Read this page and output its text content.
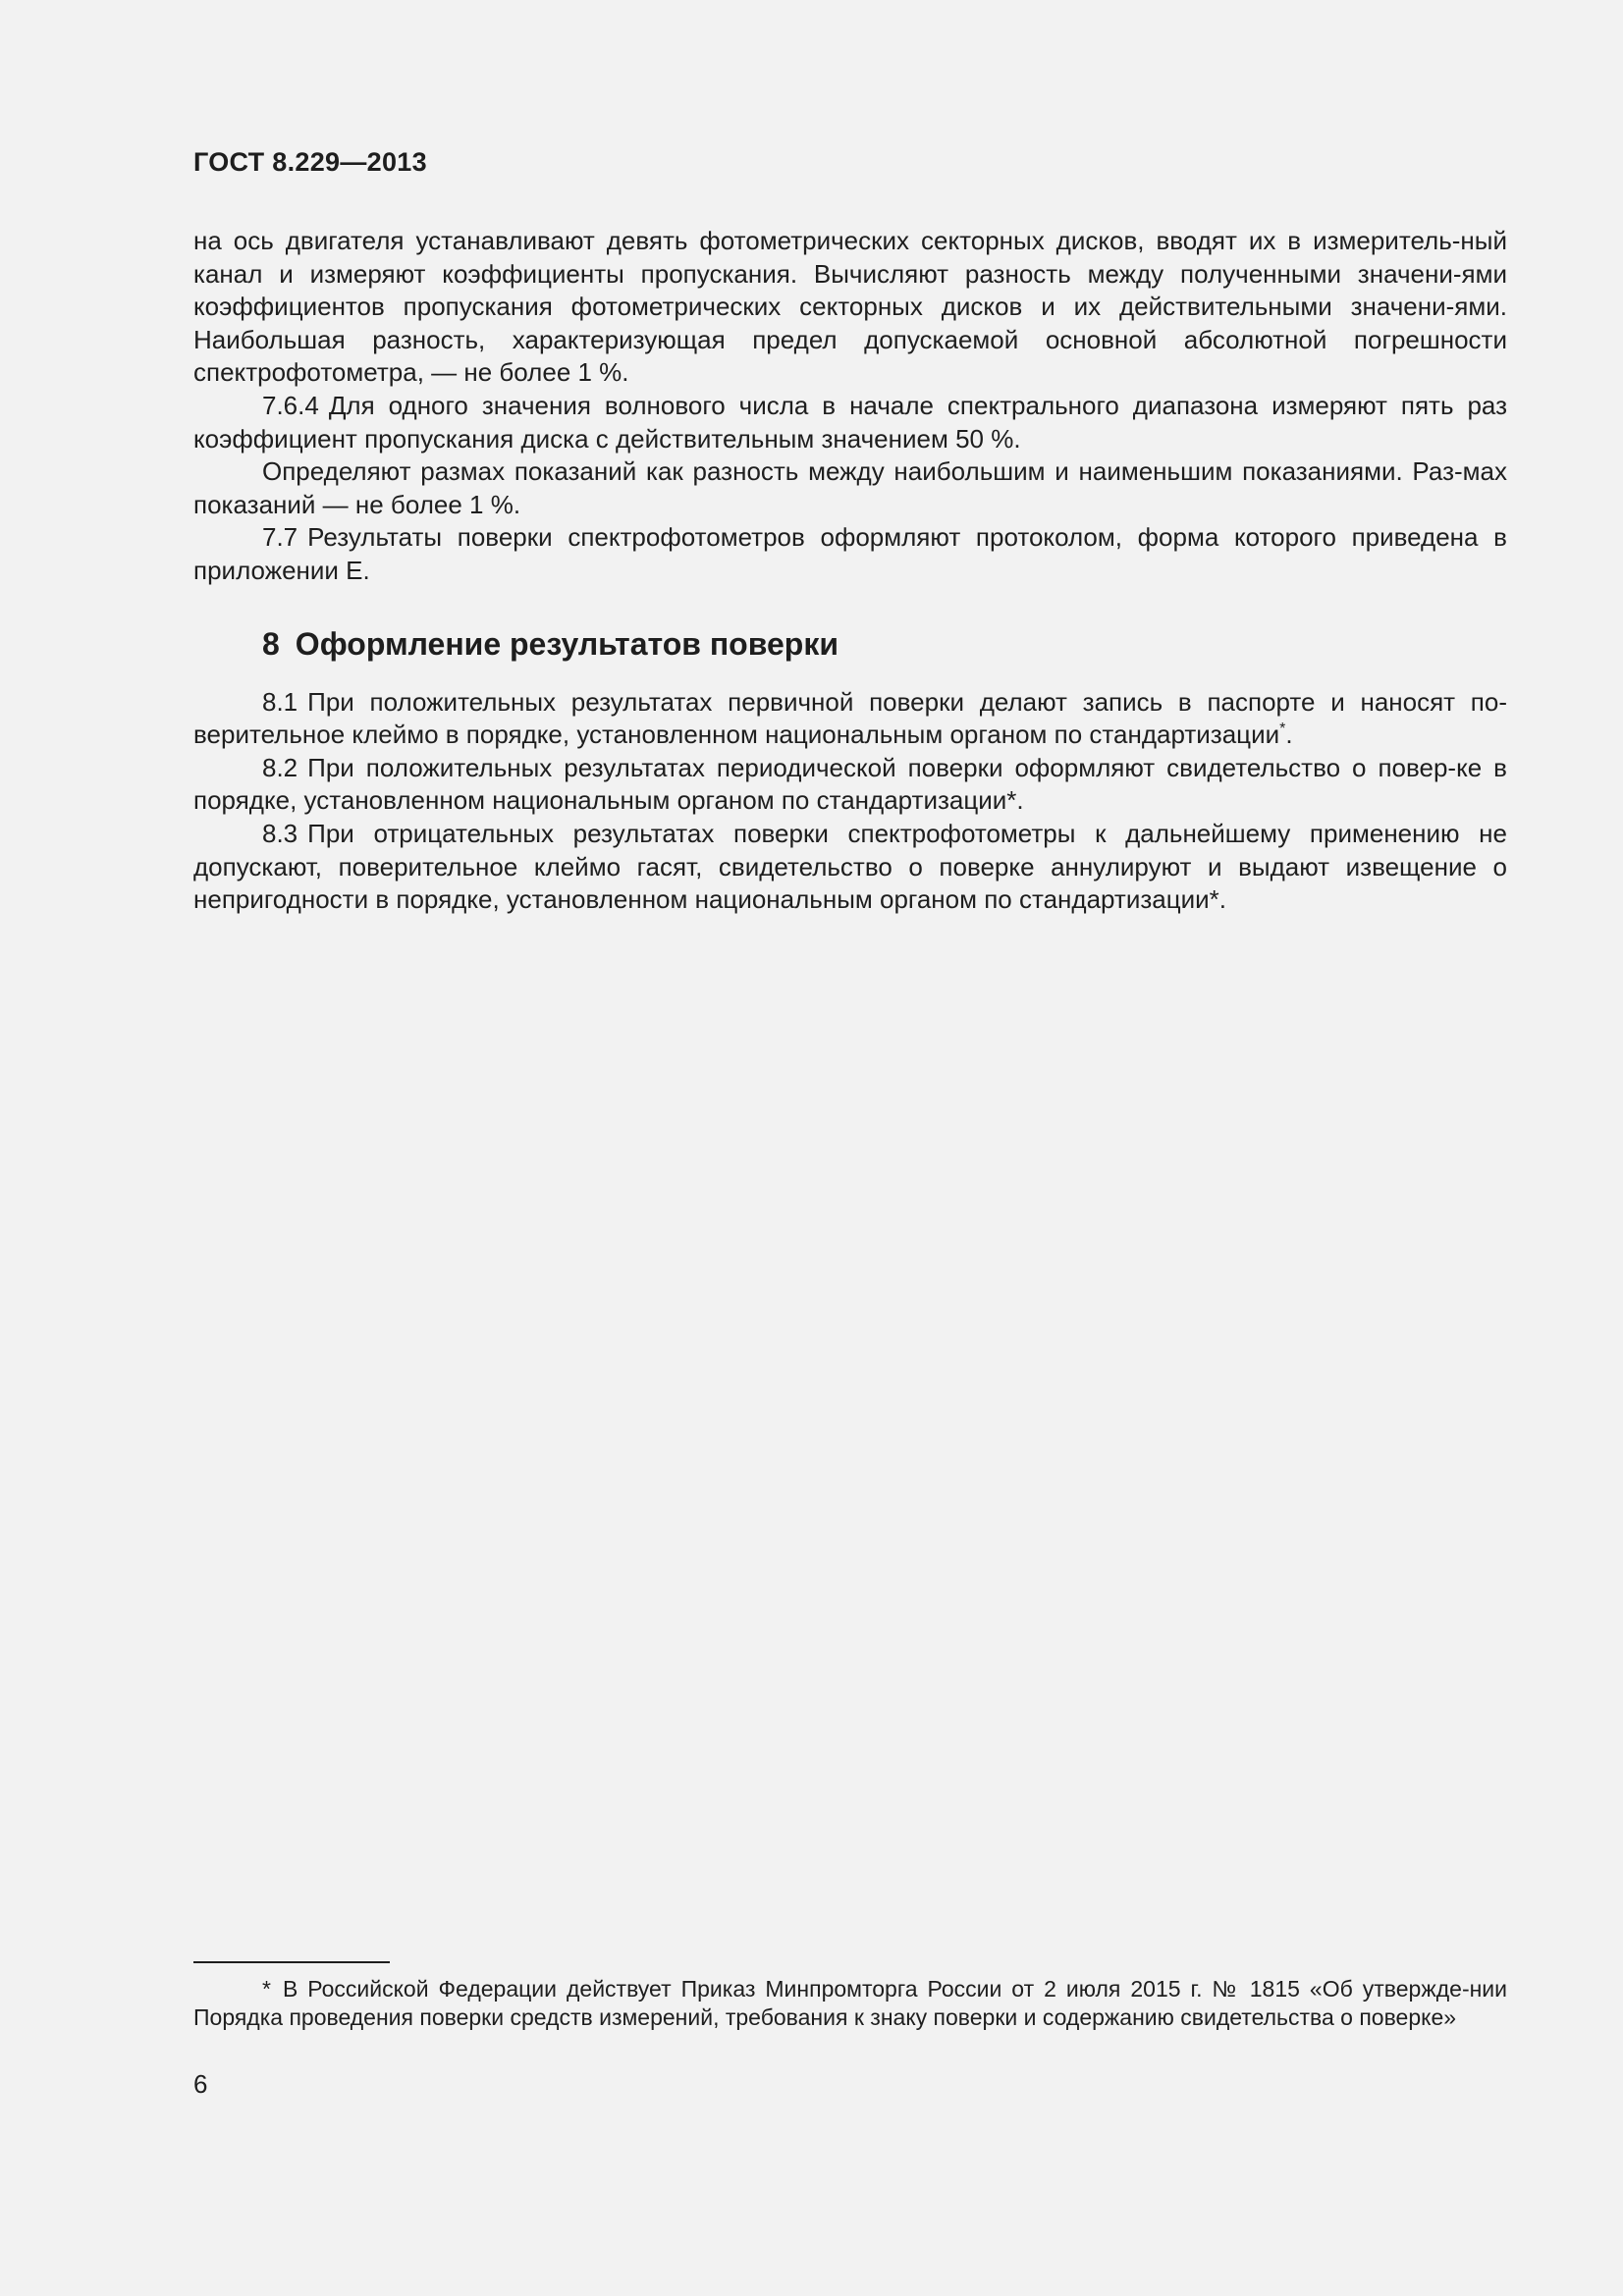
ГОСТ 8.229—2013

на ось двигателя устанавливают девять фотометрических секторных дисков, вводят их в измеритель-ный канал и измеряют коэффициенты пропускания. Вычисляют разность между полученными значени-ями коэффициентов пропускания фотометрических секторных дисков и их действительными значени-ями. Наибольшая разность, характеризующая предел допускаемой основной абсолютной погрешности спектрофотометра, — не более 1 %.

7.6.4 Для одного значения волнового числа в начале спектрального диапазона измеряют пять раз коэффициент пропускания диска с действительным значением 50 %.

Определяют размах показаний как разность между наибольшим и наименьшим показаниями. Раз-мах показаний — не более 1 %.

7.7 Результаты поверки спектрофотометров оформляют протоколом, форма которого приведена в приложении Е.

8 Оформление результатов поверки

8.1 При положительных результатах первичной поверки делают запись в паспорте и наносят по-верительное клеймо в порядке, установленном национальным органом по стандартизации*.

8.2 При положительных результатах периодической поверки оформляют свидетельство о повер-ке в порядке, установленном национальным органом по стандартизации*.

8.3 При отрицательных результатах поверки спектрофотометры к дальнейшему применению не допускают, поверительное клеймо гасят, свидетельство о поверке аннулируют и выдают извещение о непригодности в порядке, установленном национальным органом по стандартизации*.

* В Российской Федерации действует Приказ Минпромторга России от 2 июля 2015 г. № 1815 «Об утвержде-нии Порядка проведения поверки средств измерений, требования к знаку поверки и содержанию свидетельства о поверке»

6
